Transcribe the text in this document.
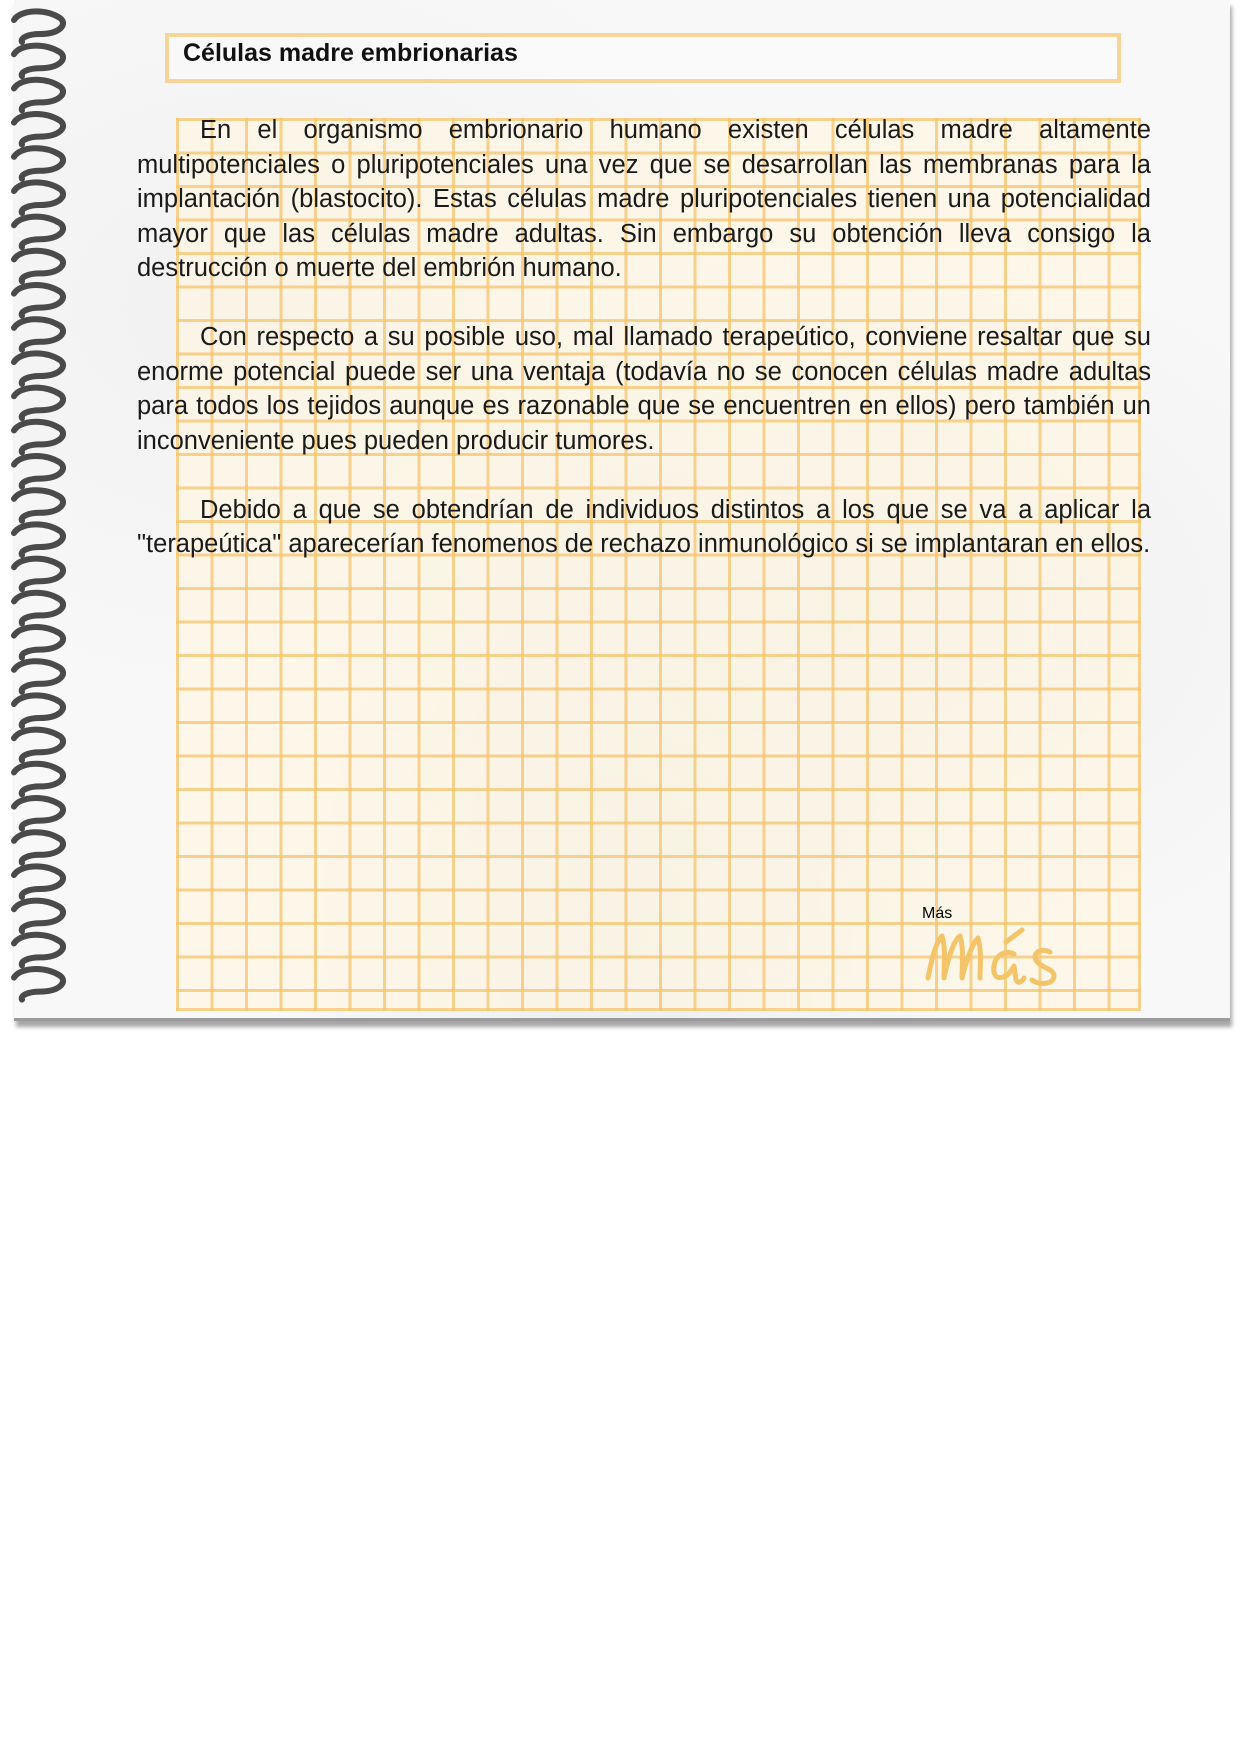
Células madre embrionarias

En el organismo embrionario humano existen células madre altamente multipotenciales o pluripotenciales una vez que se desarrollan las membranas para la implantación (blastocito). Estas células madre pluripotenciales tienen una potencialidad mayor que las células madre adultas. Sin embargo su obtención lleva consigo la destrucción o muerte del embrión humano.

Con respecto a su posible uso, mal llamado terapeútico, conviene resaltar que su enorme potencial puede ser una ventaja (todavía no se conocen células madre adultas para todos los tejidos aunque es razonable que se encuentren en ellos) pero también un inconveniente pues pueden producir tumores.

Debido a que se obtendrían de individuos distintos a los que se va a aplicar la "terapeútica" aparecerían fenomenos de rechazo inmunológico si se implantaran en ellos.

Más
